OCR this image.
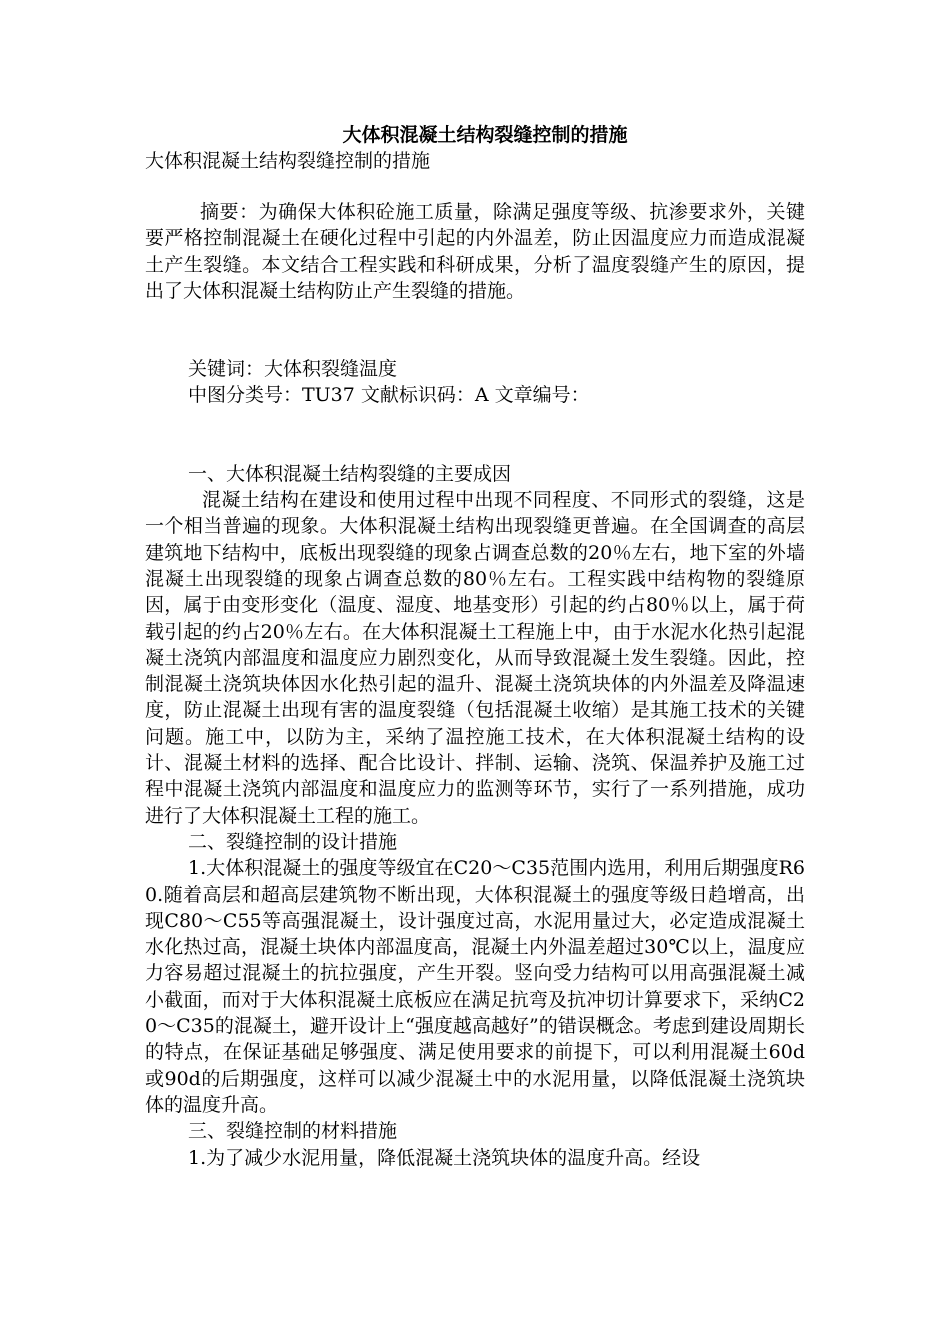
大体积混凝土结构裂缝控制的措施

大体积混凝土结构裂缝控制的措施

摘要：为确保大体积砼施工质量，除满足强度等级、抗渗要求外，关键要严格控制混凝土在硬化过程中引起的内外温差，防止因温度应力而造成混凝土产生裂缝。本文结合工程实践和科研成果，分析了温度裂缝产生的原因，提出了大体积混凝土结构防止产生裂缝的措施。

关键词：大体积裂缝温度

中图分类号：TU37 文献标识码：A 文章编号：

一、大体积混凝土结构裂缝的主要成因

混凝土结构在建设和使用过程中出现不同程度、不同形式的裂缝，这是一个相当普遍的现象。大体积混凝土结构出现裂缝更普遍。在全国调查的高层建筑地下结构中，底板出现裂缝的现象占调查总数的20％左右，地下室的外墙混凝土出现裂缝的现象占调查总数的80％左右。工程实践中结构物的裂缝原因，属于由变形变化（温度、湿度、地基变形）引起的约占80％以上，属于荷载引起的约占20％左右。在大体积混凝土工程施上中，由于水泥水化热引起混凝土浇筑内部温度和温度应力剧烈变化，从而导致混凝土发生裂缝。因此，控制混凝土浇筑块体因水化热引起的温升、混凝土浇筑块体的内外温差及降温速度，防止混凝土出现有害的温度裂缝（包括混凝土收缩）是其施工技术的关键问题。施工中，以防为主，采纳了温控施工技术，在大体积混凝土结构的设计、混凝土材料的选择、配合比设计、拌制、运输、浇筑、保温养护及施工过程中混凝土浇筑内部温度和温度应力的监测等环节，实行了一系列措施，成功进行了大体积混凝土工程的施工。

二、裂缝控制的设计措施

1.大体积混凝土的强度等级宜在C20～C35范围内选用，利用后期强度R60.随着高层和超高层建筑物不断出现，大体积混凝土的强度等级日趋增高，出现C80～C55等高强混凝土，设计强度过高，水泥用量过大，必定造成混凝土水化热过高，混凝土块体内部温度高，混凝土内外温差超过30℃以上，温度应力容易超过混凝土的抗拉强度，产生开裂。竖向受力结构可以用高强混凝土减小截面，而对于大体积混凝土底板应在满足抗弯及抗冲切计算要求下，采纳C20～C35的混凝土，避开设计上“强度越高越好”的错误概念。考虑到建设周期长的特点，在保证基础足够强度、满足使用要求的前提下，可以利用混凝土60d或90d的后期强度，这样可以减少混凝土中的水泥用量，以降低混凝土浇筑块体的温度升高。

三、裂缝控制的材料措施

1.为了减少水泥用量，降低混凝土浇筑块体的温度升高。经设
